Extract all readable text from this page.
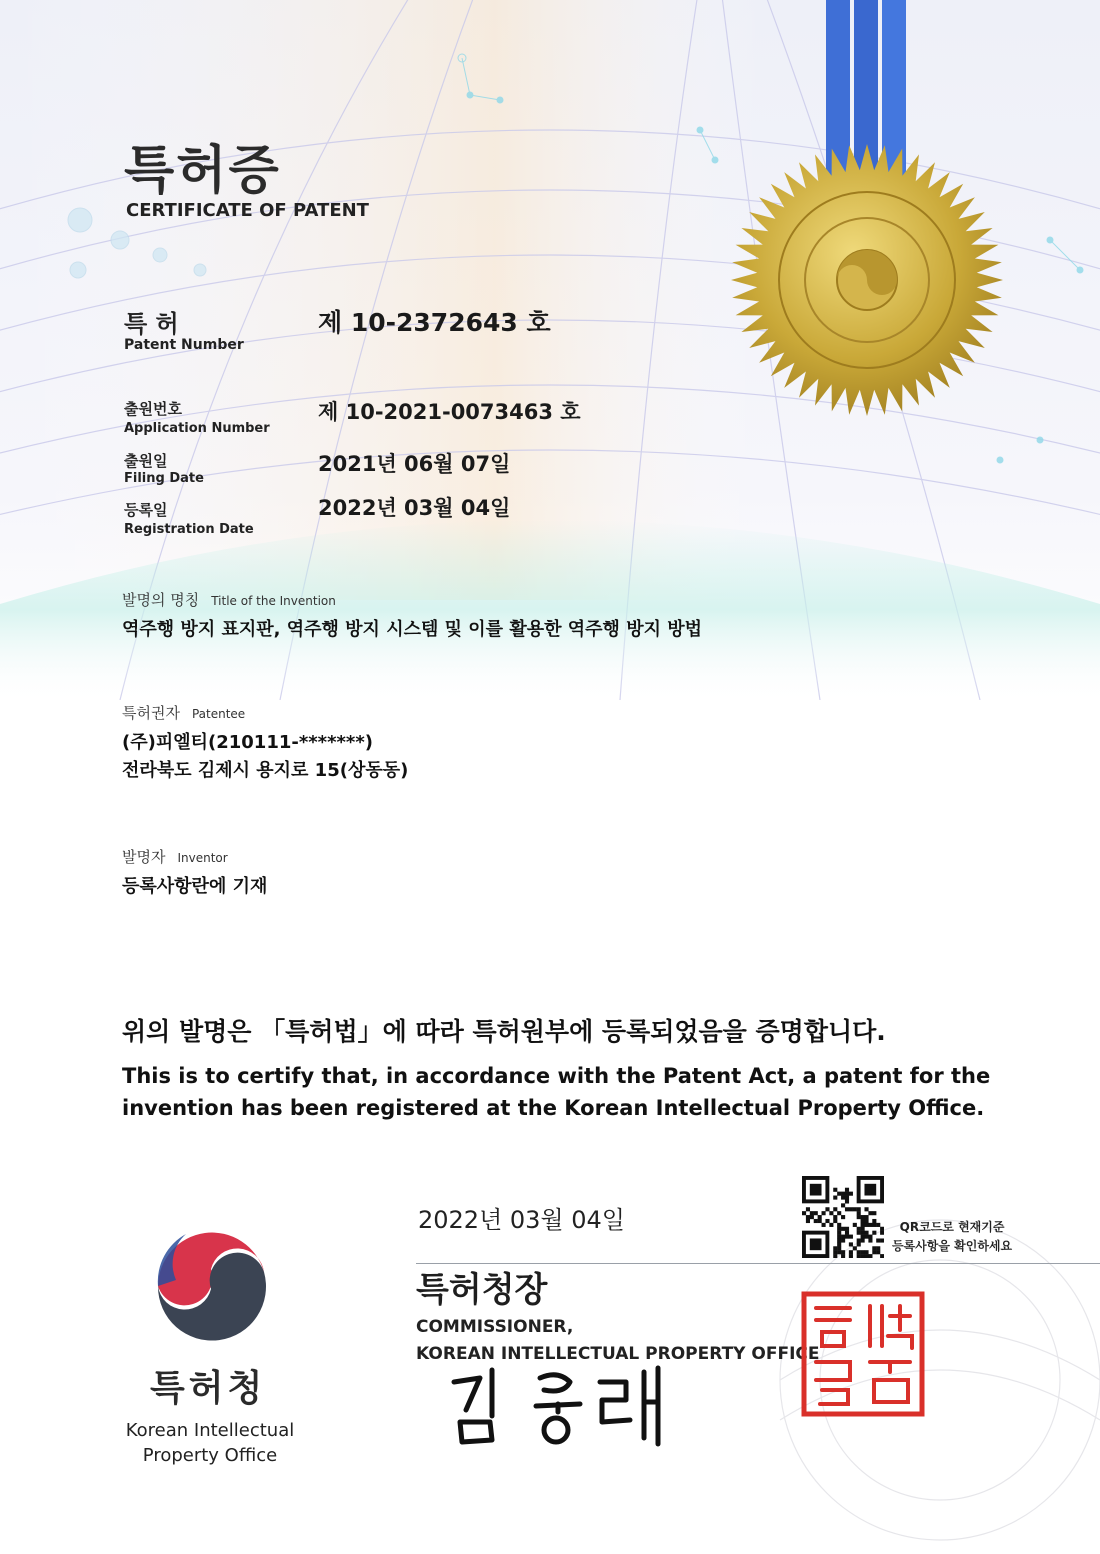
특허증
CERTIFICATE OF PATENT
특 허
Patent Number
제 10-2372643 호
출원번호
Application Number
제 10-2021-0073463 호
출원일
Filing Date
2021년 06월 07일
등록일
Registration Date
2022년 03월 04일
발명의 명칭 Title of the Invention
역주행 방지 표지판, 역주행 방지 시스템 및 이를 활용한 역주행 방지 방법
특허권자 Patentee
(주)피엘티(210111-*******)
전라북도 김제시 용지로 15(상동동)
발명자 Inventor
등록사항란에 기재
위의 발명은 「특허법」에 따라 특허원부에 등록되었음을 증명합니다.
This is to certify that, in accordance with the Patent Act, a patent for the invention has been registered at the Korean Intellectual Property Office.
2022년 03월 04일	QR코드로 현재기준
등록사항을 확인하세요
특허청장
COMMISSIONER,
KOREAN INTELLECTUAL PROPERTY OFFICE
특허청
Korean Intellectual
Property Office
